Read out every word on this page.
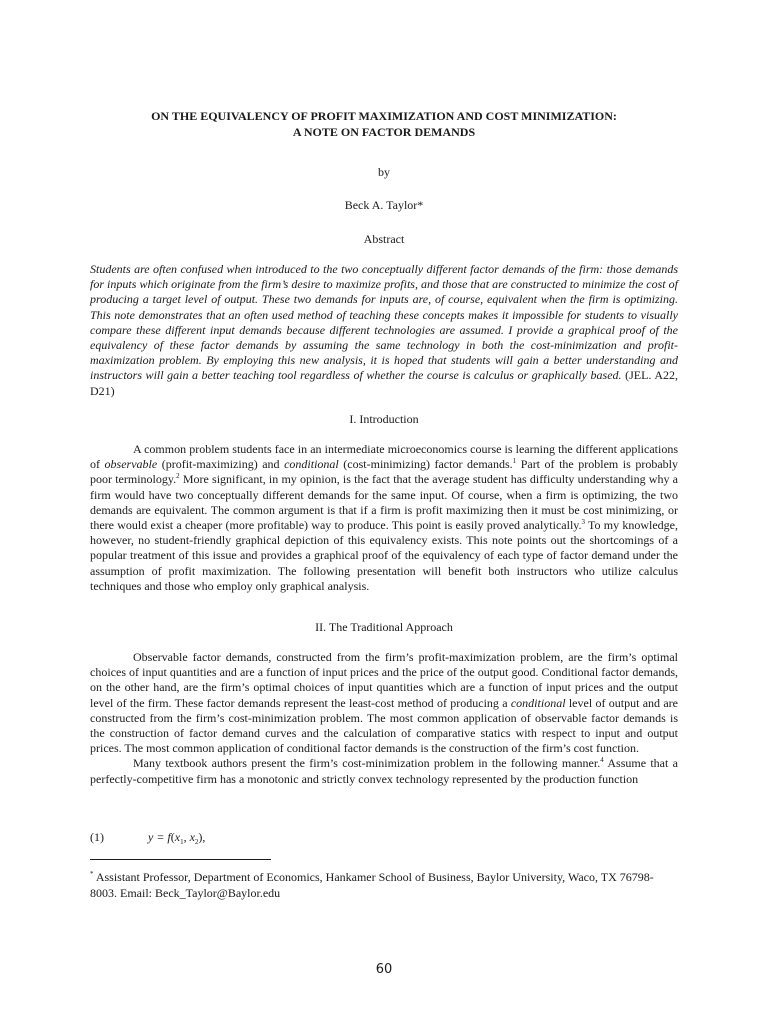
ON THE EQUIVALENCY OF PROFIT MAXIMIZATION AND COST MINIMIZATION:
A NOTE ON FACTOR DEMANDS
by
Beck A. Taylor*
Abstract
Students are often confused when introduced to the two conceptually different factor demands of the firm: those demands for inputs which originate from the firm’s desire to maximize profits, and those that are constructed to minimize the cost of producing a target level of output. These two demands for inputs are, of course, equivalent when the firm is optimizing. This note demonstrates that an often used method of teaching these concepts makes it impossible for students to visually compare these different input demands because different technologies are assumed. I provide a graphical proof of the equivalency of these factor demands by assuming the same technology in both the cost-minimization and profit-maximization problem. By employing this new analysis, it is hoped that students will gain a better understanding and instructors will gain a better teaching tool regardless of whether the course is calculus or graphically based. (JEL. A22, D21)
I. Introduction

A common problem students face in an intermediate microeconomics course is learning the different applications of observable (profit-maximizing) and conditional (cost-minimizing) factor demands.$^1$ Part of the problem is probably poor terminology.$^2$ More significant, in my opinion, is the fact that the average student has difficulty understanding why a firm would have two conceptually different demands for the same input. Of course, when a firm is optimizing, the two demands are equivalent. The common argument is that if a firm is profit maximizing then it must be cost minimizing, or there would exist a cheaper (more profitable) way to produce. This point is easily proved analytically.$^3$ To my knowledge, however, no student-friendly graphical depiction of this equivalency exists. This note points out the shortcomings of a popular treatment of this issue and provides a graphical proof of the equivalency of each type of factor demand under the assumption of profit maximization. The following presentation will benefit both instructors who utilize calculus techniques and those who employ only graphical analysis.

II. The Traditional Approach

Observable factor demands, constructed from the firm’s profit-maximization problem, are the firm’s optimal choices of input quantities and are a function of input prices and the price of the output good. Conditional factor demands, on the other hand, are the firm’s optimal choices of input quantities which are a function of input prices and the output level of the firm. These factor demands represent the least-cost method of producing a conditional level of output and are constructed from the firm’s cost-minimization problem. The most common application of observable factor demands is the construction of factor demand curves and the calculation of comparative statics with respect to input and output prices. The most common application of conditional factor demands is the construction of the firm’s cost function.

Many textbook authors present the firm’s cost-minimization problem in the following manner.$^4$ Assume that a perfectly-competitive firm has a monotonic and strictly convex technology represented by the production function

(1)	$y = f(x_1$, $x_2$),
* Assistant Professor, Department of Economics, Hankamer School of Business, Baylor University, Waco, TX 76798-8003. Email: Beck_Taylor@Baylor.edu
60
